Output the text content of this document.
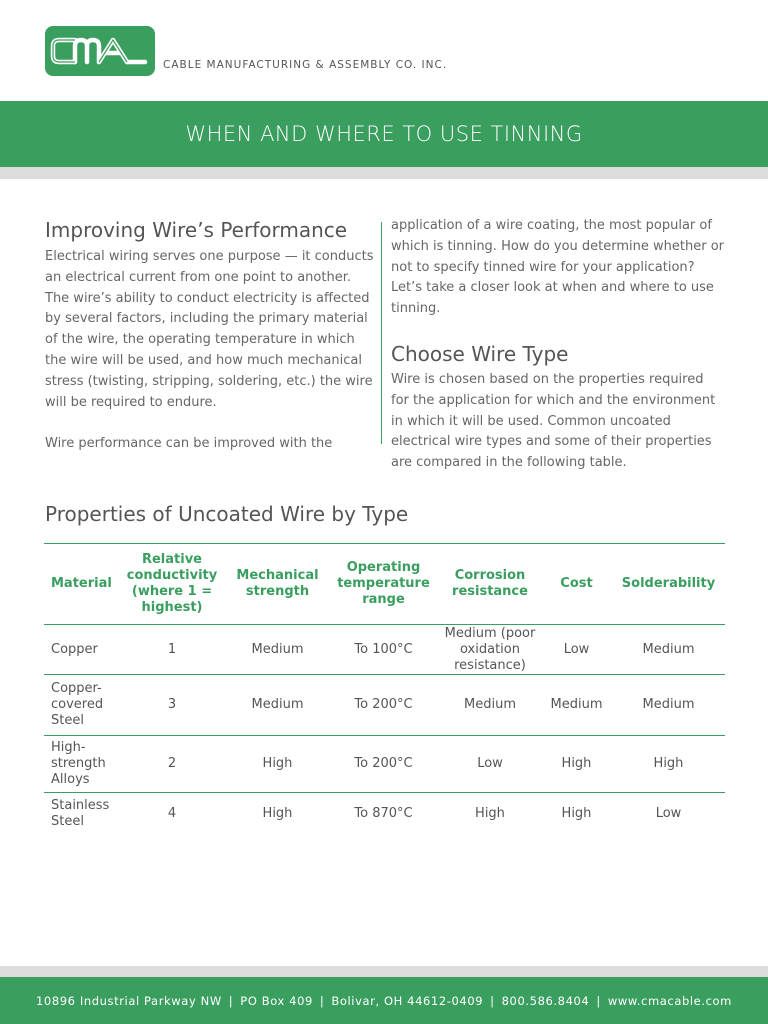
CABLE MANUFACTURING & ASSEMBLY CO. INC.
WHEN AND WHERE TO USE TINNING
Improving Wire’s Performance

Electrical wiring serves one purpose — it conducts an electrical current from one point to another. The wire’s ability to conduct electricity is affected by several factors, including the primary material of the wire, the operating temperature in which the wire will be used, and how much mechanical stress (twisting, stripping, soldering, etc.) the wire will be required to endure.

Wire performance can be improved with the

application of a wire coating, the most popular of which is tinning. How do you determine whether or not to specify tinned wire for your application? Let’s take a closer look at when and where to use tinning.

Choose Wire Type

Wire is chosen based on the properties required for the application for which and the environment in which it will be used. Common uncoated electrical wire types and some of their properties are compared in the following table.

Properties of Uncoated Wire by Type
Material	Relative conductivity (where 1 = highest)	Mechanical strength	Operating temperature range	Corrosion resistance	Cost	Solderability
Copper	1	Medium	To 100°C	Medium (poor oxidation resistance)	Low	Medium
Copper-covered Steel	3	Medium	To 200°C	Medium	Medium	Medium
High-strength Alloys	2	High	To 200°C	Low	High	High
Stainless Steel	4	High	To 870°C	High	High	Low
10896 Industrial Parkway NW | PO Box 409 | Bolivar, OH 44612-0409 | 800.586.8404 | www.cmacable.com
